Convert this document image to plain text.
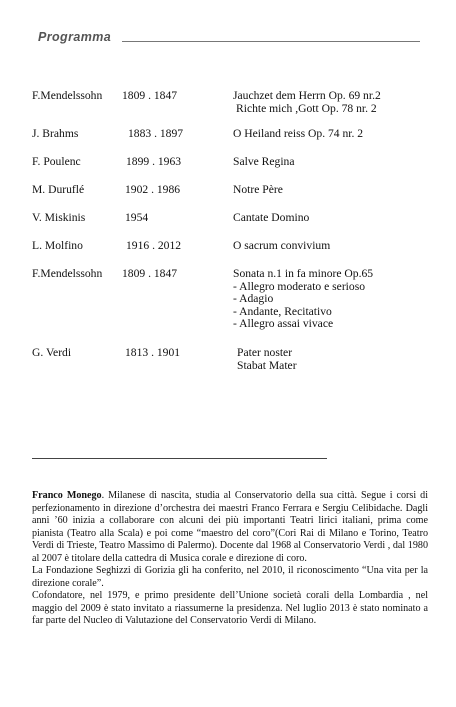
Programma
F.Mendelssohn 1809 . 1847	Jauchzet dem Herrn Op. 69 nr.2
Richte mich ,Gott Op. 78 nr. 2
J. Brahms	1883 . 1897	O Heiland reiss Op. 74 nr. 2
F. Poulenc	1899 . 1963	Salve Regina
M. Duruflé	1902 . 1986	Notre Père
V. Miskinis	1954	Cantate Domino
L. Molfino	1916 . 2012	O sacrum convivium
F.Mendelssohn 1809 . 1847	Sonata n.1 in fa minore Op.65
- Allegro moderato e serioso
- Adagio
- Andante, Recitativo
- Allegro assai vivace
G. Verdi	1813 . 1901	Pater noster
Stabat Mater

Franco Monego. Milanese di nascita, studia al Conservatorio della sua città. Segue i corsi di perfezionamento in direzione d’orchestra dei maestri Franco Ferrara e Sergiu Celibidache. Dagli anni ’60 inizia a collaborare con alcuni dei più importanti Teatri lirici italiani, prima come pianista (Teatro alla Scala) e poi come “maestro del coro”(Cori Rai di Milano e Torino, Teatro Verdi di Trieste, Teatro Massimo di Palermo). Docente dal 1968 al Conservatorio Verdi , dal 1980 al 2007 è titolare della cattedra di Musica corale e direzione di coro.

La Fondazione Seghizzi di Gorizia gli ha conferito, nel 2010, il riconoscimento “Una vita per la direzione corale”.

Cofondatore, nel 1979, e primo presidente dell’Unione società corali della Lombardia , nel maggio del 2009 è stato invitato a riassumerne la presidenza. Nel luglio 2013 è stato nominato a far parte del Nucleo di Valutazione del Conservatorio Verdi di Milano.
